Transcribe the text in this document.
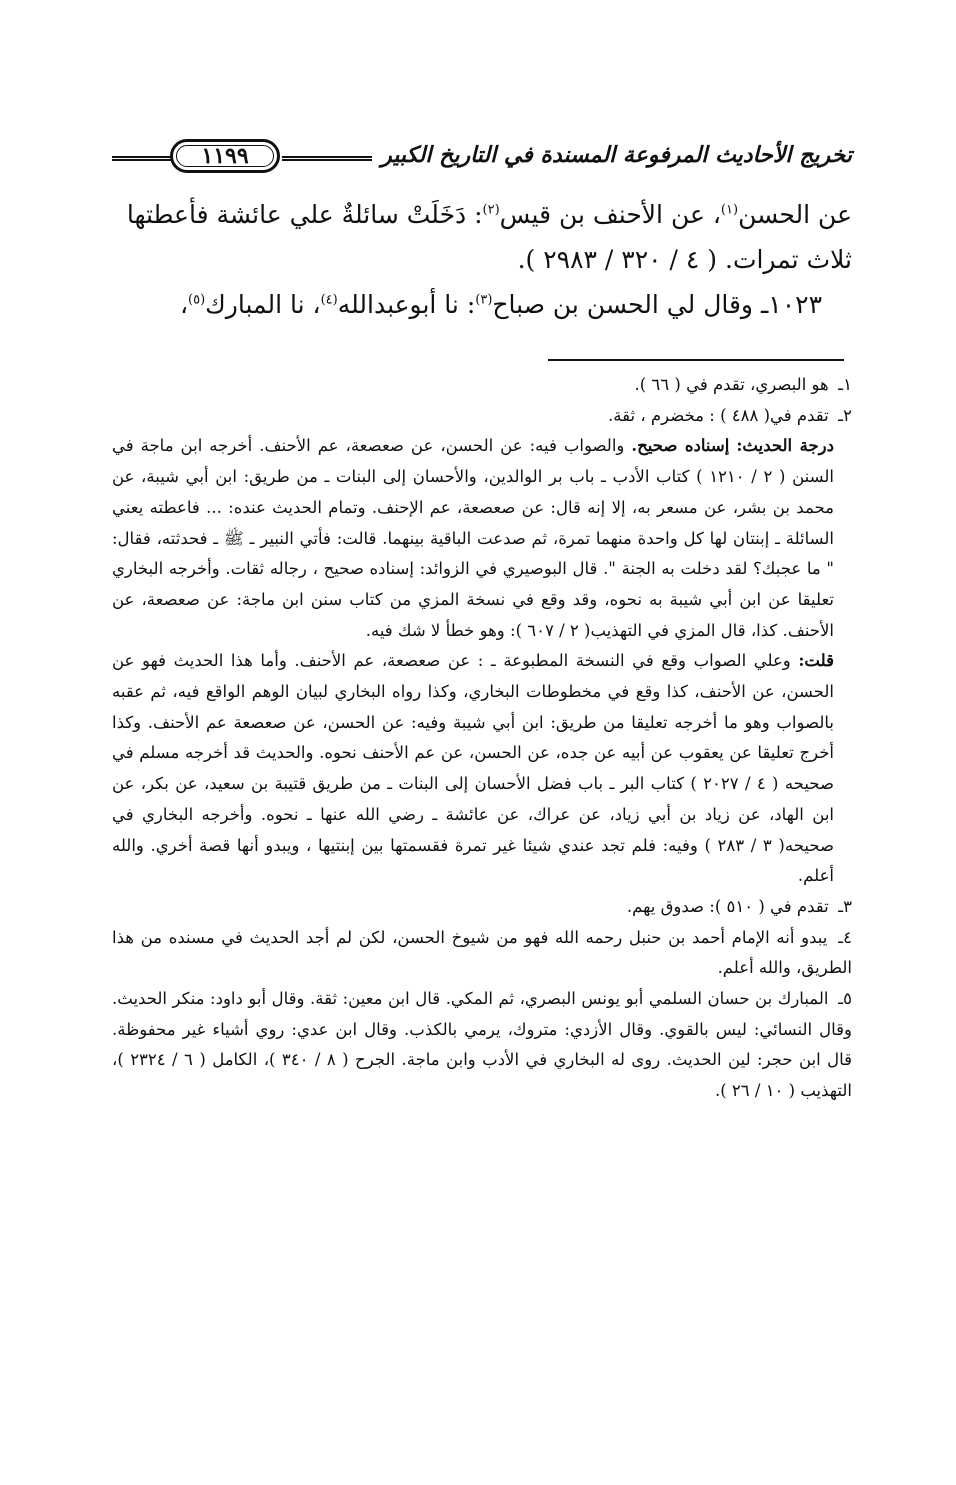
تخريج الأحاديث المرفوعة المسندة في التاريخ الكبير
١١٩٩

عن الحسن$^{(١)}$، عن الأحنف بن قيس$^{(٢)}$: دَخَلَتْ سائلةٌ علي عائشة فأعطتها

ثلاث تمرات. ( ٤ / ٣٢٠ / ٢٩٨٣ ).

١٠٢٣ـ وقال لي الحسن بن صباح$^{(٣)}$: نا أبوعبدالله$^{(٤)}$، نا المبارك$^{(٥)}$،

١ـ هو البصري، تقدم في ( ٦٦ ).

٢ـ تقدم في( ٤٨٨ ) : مخضرم ، ثقة.

درجة الحديث: إسناده صحيح. والصواب فيه: عن الحسن، عن صعصعة، عم الأحنف. أخرجه ابن ماجة في السنن ( ٢ / ١٢١٠ ) كتاب الأدب ـ باب بر الوالدين، والأحسان إلى البنات ـ من طريق: ابن أبي شيبة، عن محمد بن بشر، عن مسعر به، إلا إنه قال: عن صعصعة، عم الإحنف. وتمام الحديث عنده: ... فاعطته يعني السائلة ـ إبنتان لها كل واحدة منهما تمرة، ثم صدعت الباقية بينهما. قالت: فأتي النبير ـ ﷺ ـ فحدثته، فقال: " ما عجبك؟ لقد دخلت به الجنة ". قال البوصيري في الزوائد: إسناده صحيح ، رجاله ثقات. وأخرجه البخاري تعليقا عن ابن أبي شيبة به نحوه، وقد وقع في نسخة المزي من كتاب سنن ابن ماجة: عن صعصعة، عن الأحنف. كذا، قال المزي في التهذيب( ٢ / ٦٠٧ ): وهو خطأ لا شك فيه.

قلت: وعلي الصواب وقع في النسخة المطبوعة ـ : عن صعصعة، عم الأحنف. وأما هذا الحديث فهو عن الحسن، عن الأحنف، كذا وقع في مخطوطات البخاري، وكذا رواه البخاري لبيان الوهم الواقع فيه، ثم عقبه بالصواب وهو ما أخرجه تعليقا من طريق: ابن أبي شيبة وفيه: عن الحسن، عن صعصعة عم الأحنف. وكذا أخرج تعليقا عن يعقوب عن أبيه عن جده، عن الحسن، عن عم الأحنف نحوه. والحديث قد أخرجه مسلم في صحيحه ( ٤ / ٢٠٢٧ ) كتاب البر ـ باب فضل الأحسان إلى البنات ـ من طريق قتيبة بن سعيد، عن بكر، عن ابن الهاد، عن زياد بن أبي زياد، عن عراك، عن عائشة ـ رضي الله عنها ـ نحوه. وأخرجه البخاري في صحيحه( ٣ / ٢٨٣ ) وفيه: فلم تجد عندي شيئا غير تمرة فقسمتها بين إبنتيها ، ويبدو أنها قصة أخري. والله أعلم.

٣ـ تقدم في ( ٥١٠ ): صدوق يهم.

٤ـ يبدو أنه الإمام أحمد بن حنبل رحمه الله فهو من شيوخ الحسن، لكن لم أجد الحديث في مسنده من هذا الطريق، والله أعلم.

٥ـ المبارك بن حسان السلمي أبو يونس البصري، ثم المكي. قال ابن معين: ثقة. وقال أبو داود: منكر الحديث. وقال النسائي: ليس بالقوي. وقال الأزدي: متروك، يرمي بالكذب. وقال ابن عدي: روي أشياء غير محفوظة. قال ابن حجر: لين الحديث. روى له البخاري في الأدب وابن ماجة. الجرح ( ٨ / ٣٤٠ )، الكامل ( ٦ / ٢٣٢٤ )، التهذيب ( ١٠ / ٢٦ ).
